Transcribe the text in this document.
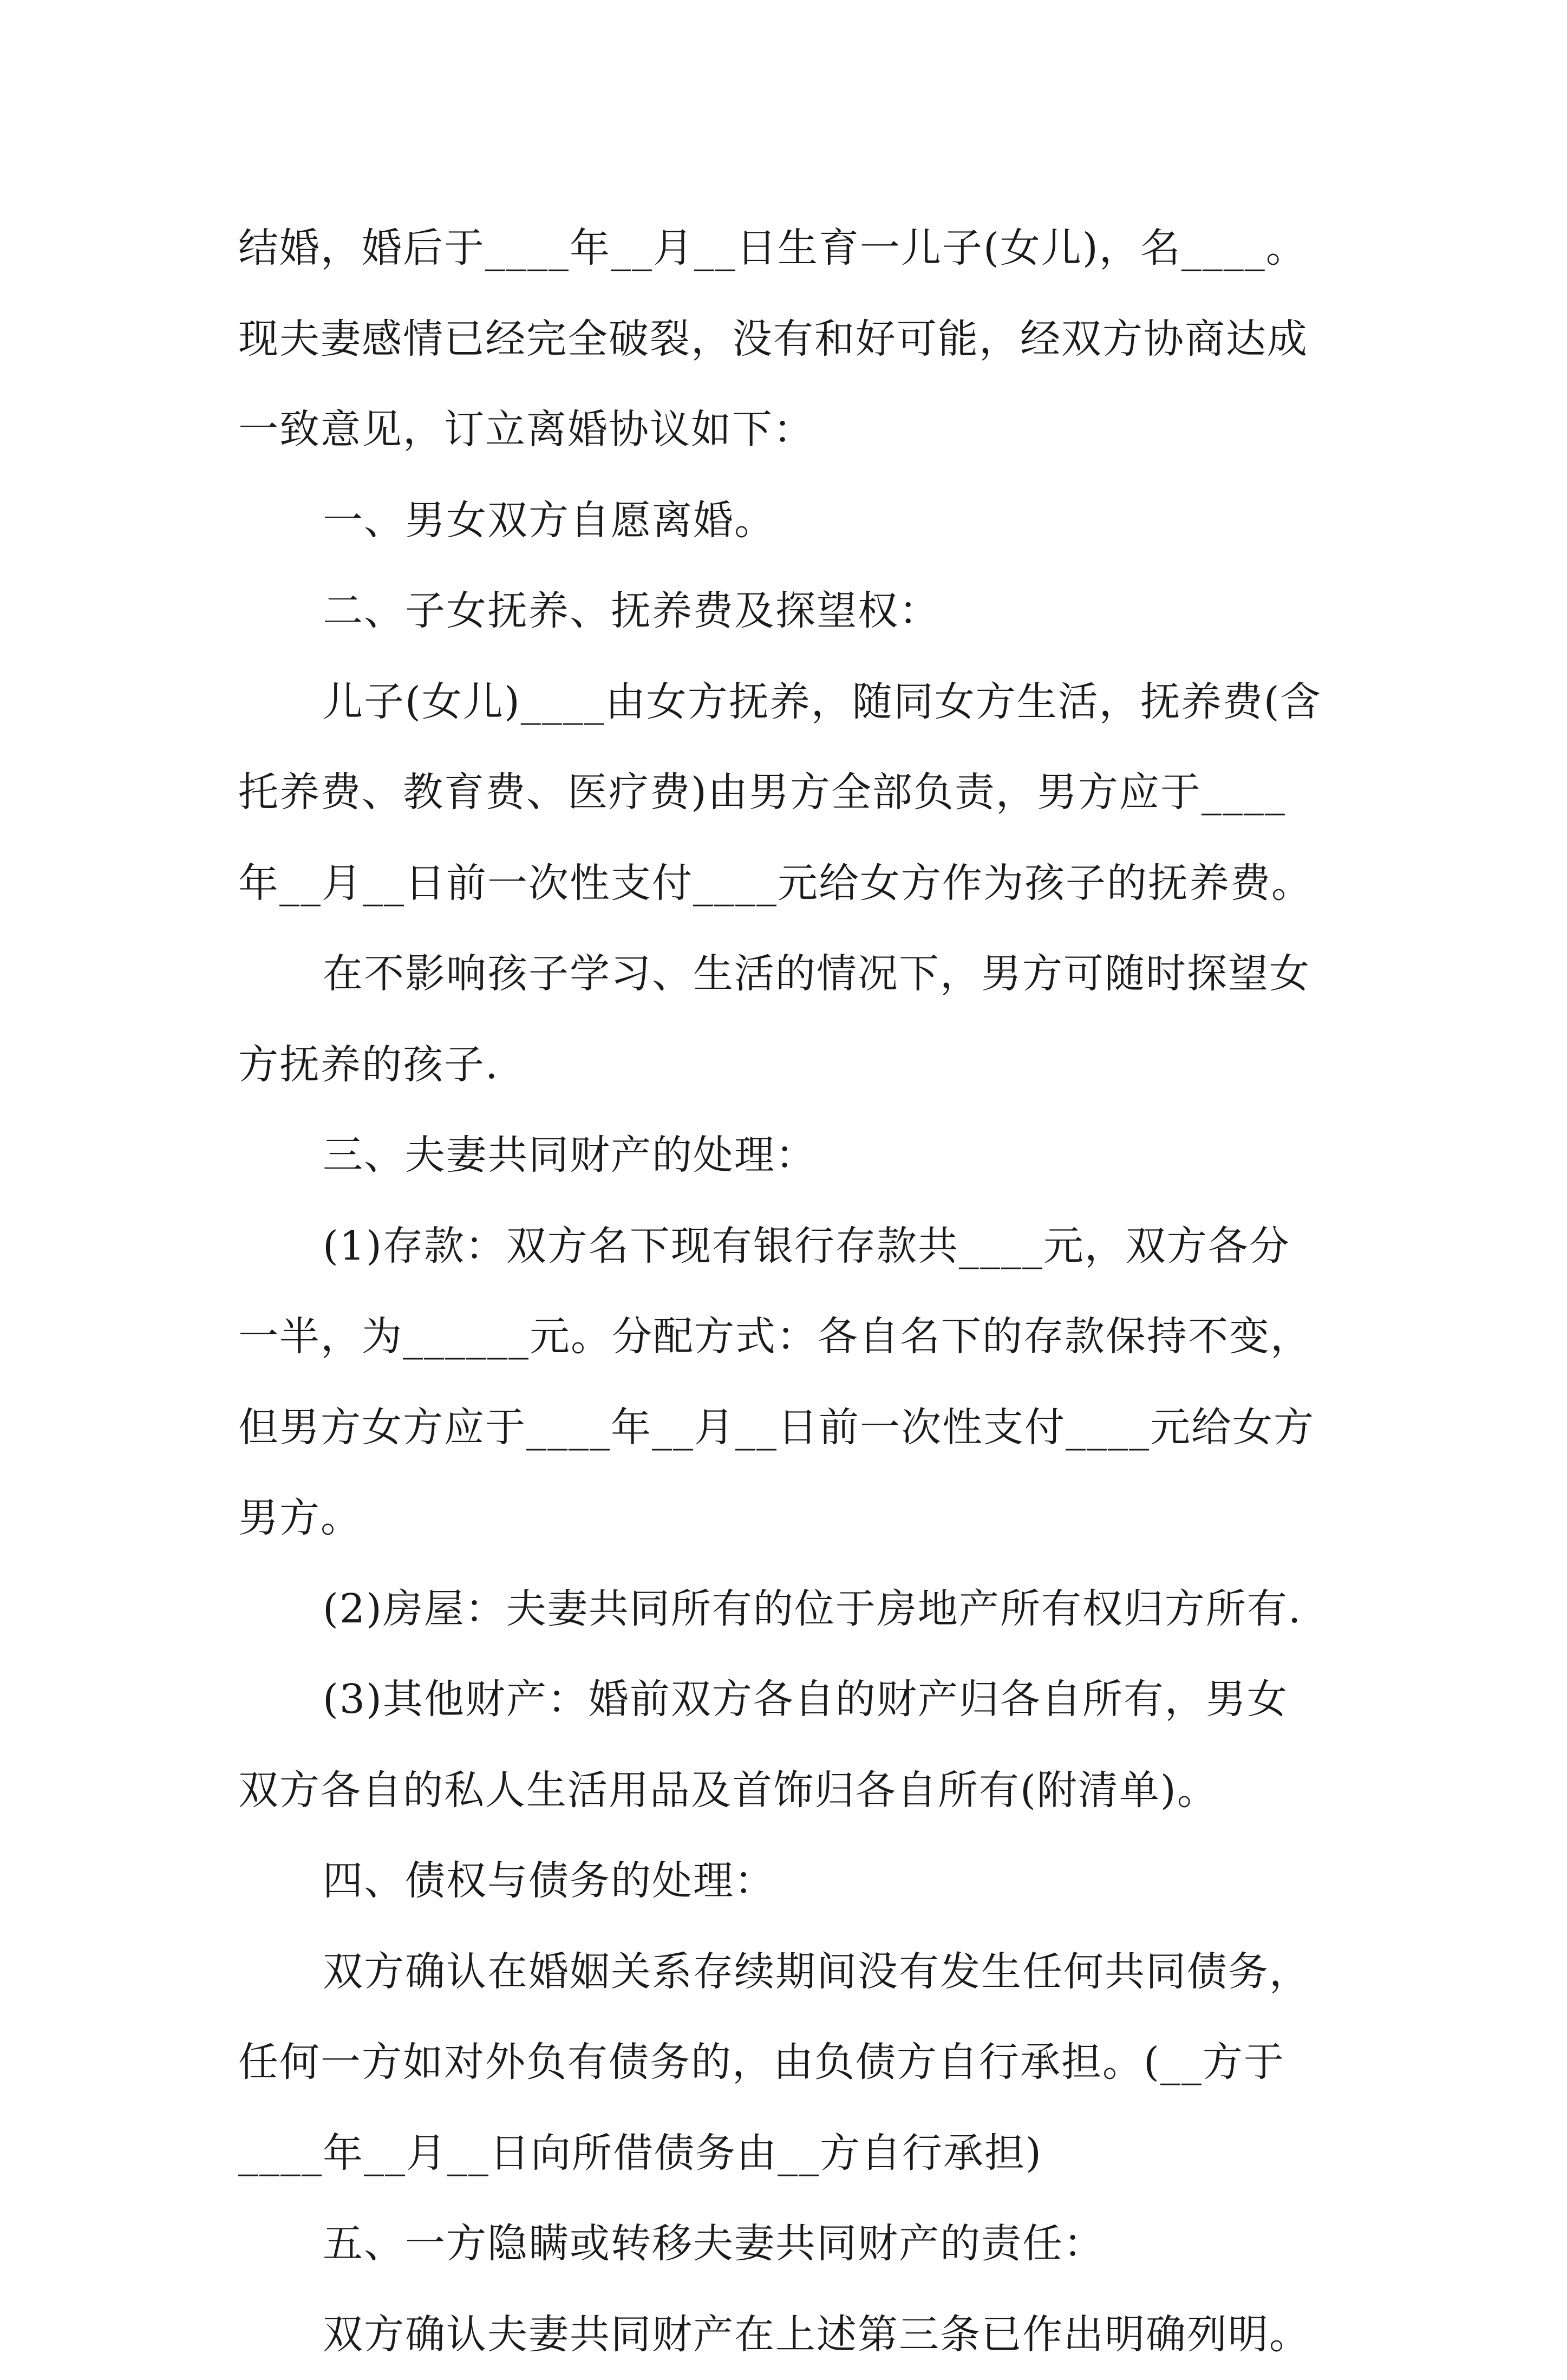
结婚，婚后于____年__月__日生育一儿子(女儿)，名____。
现夫妻感情已经完全破裂，没有和好可能，经双方协商达成
一致意见，订立离婚协议如下：
一、男女双方自愿离婚。
二、子女抚养、抚养费及探望权：
儿子(女儿)____由女方抚养，随同女方生活，抚养费(含
托养费、教育费、医疗费)由男方全部负责，男方应于____
年__月__日前一次性支付____元给女方作为孩子的抚养费。
在不影响孩子学习、生活的情况下，男方可随时探望女
方抚养的孩子.
三、夫妻共同财产的处理：
(1)存款：双方名下现有银行存款共____元，双方各分
一半，为______元。分配方式：各自名下的存款保持不变，
但男方女方应于____年__月__日前一次性支付____元给女方
男方。
(2)房屋：夫妻共同所有的位于房地产所有权归方所有.
(3)其他财产：婚前双方各自的财产归各自所有，男女
双方各自的私人生活用品及首饰归各自所有(附清单)。
四、债权与债务的处理：
双方确认在婚姻关系存续期间没有发生任何共同债务，
任何一方如对外负有债务的，由负债方自行承担。(__方于
____年__月__日向所借债务由__方自行承担)
五、一方隐瞒或转移夫妻共同财产的责任：
双方确认夫妻共同财产在上述第三条已作出明确列明。
